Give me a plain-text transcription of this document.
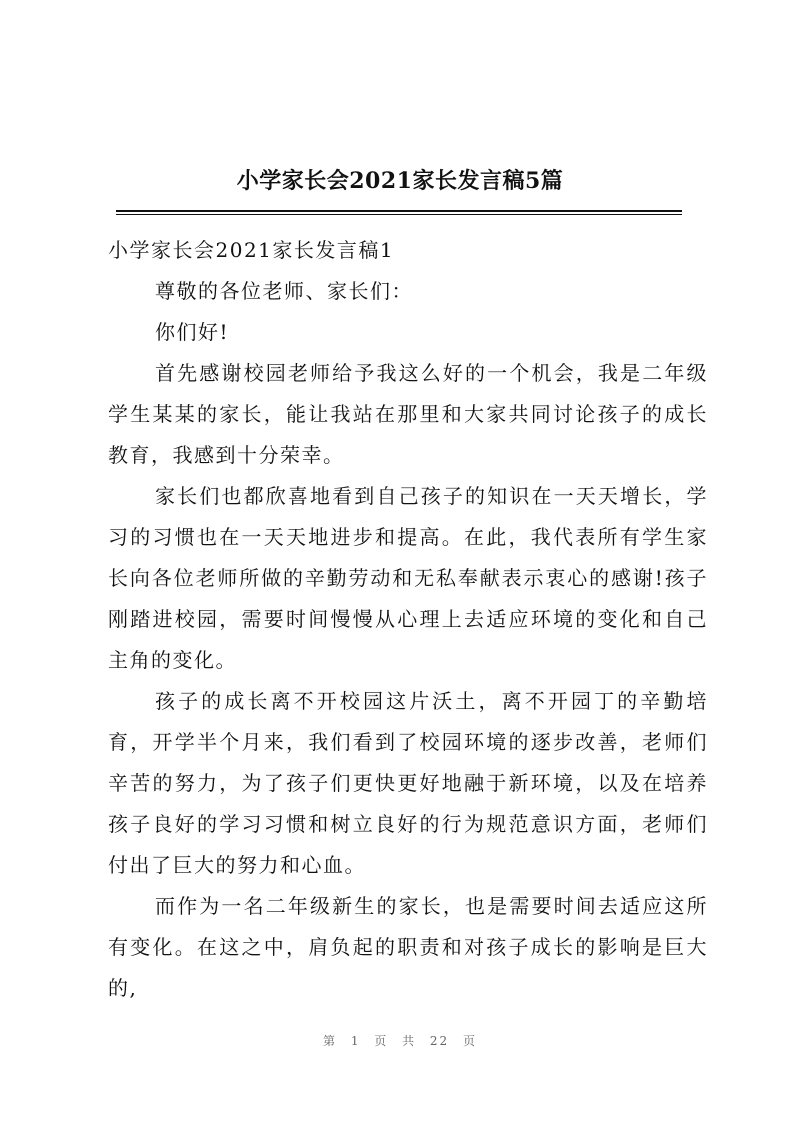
小学家长会2021家长发言稿5篇

小学家长会2021家长发言稿1

尊敬的各位老师、家长们：

你们好!

首先感谢校园老师给予我这么好的一个机会，我是二年级学生某某的家长，能让我站在那里和大家共同讨论孩子的成长教育，我感到十分荣幸。

家长们也都欣喜地看到自己孩子的知识在一天天增长，学习的习惯也在一天天地进步和提高。在此，我代表所有学生家长向各位老师所做的辛勤劳动和无私奉献表示衷心的感谢!孩子刚踏进校园，需要时间慢慢从心理上去适应环境的变化和自己主角的变化。

孩子的成长离不开校园这片沃土，离不开园丁的辛勤培育，开学半个月来，我们看到了校园环境的逐步改善，老师们辛苦的努力，为了孩子们更快更好地融于新环境，以及在培养孩子良好的学习习惯和树立良好的行为规范意识方面，老师们付出了巨大的努力和心血。

而作为一名二年级新生的家长，也是需要时间去适应这所有变化。在这之中，肩负起的职责和对孩子成长的影响是巨大的,

第 1 页 共 22 页
